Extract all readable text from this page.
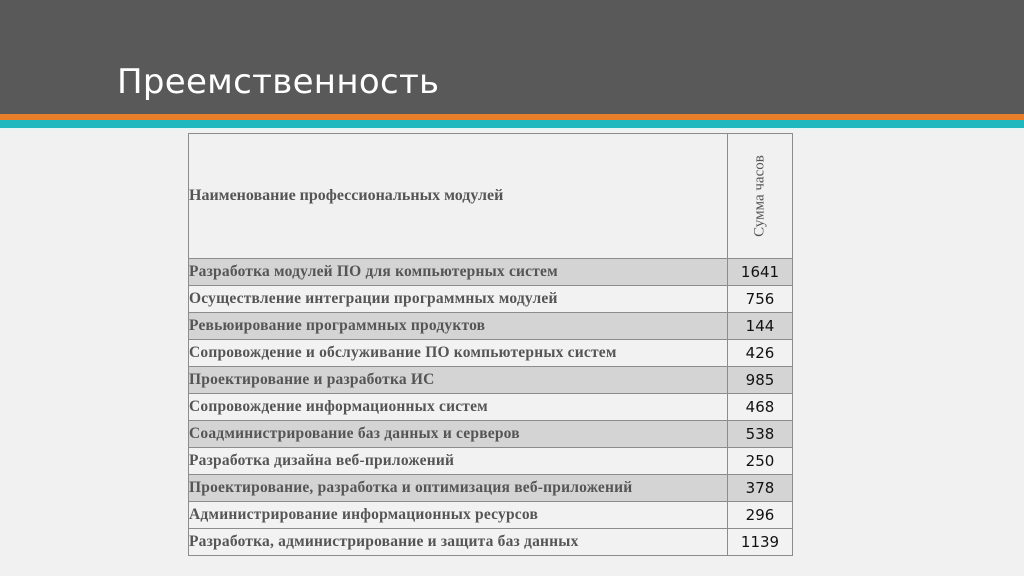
Преемственность
Наименование профессиональных модулей	Сумма часов

Разработка модулей ПО для компьютерных систем	1641
Осуществление интеграции программных модулей	756
Ревьюирование программных продуктов	144
Сопровождение и обслуживание ПО компьютерных систем	426
Проектирование и разработка ИС	985
Сопровождение информационных систем	468
Соадминистрирование баз данных и серверов	538
Разработка дизайна веб-приложений	250
Проектирование, разработка и оптимизация веб-приложений	378
Администрирование информационных ресурсов	296
Разработка, администрирование и защита баз данных	1139
